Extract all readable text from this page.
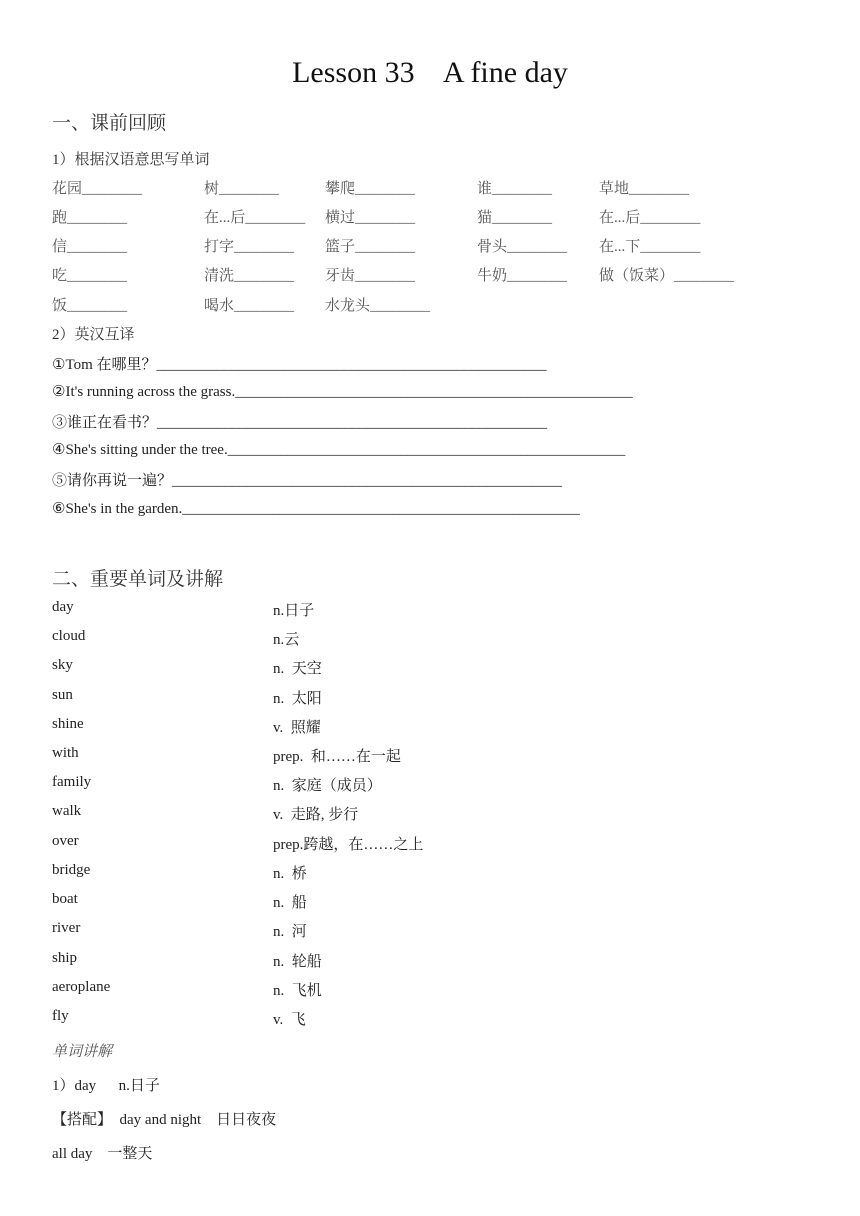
Lesson 33    A fine day
一、课前回顾
1）根据汉语意思写单词
花园________	树________	攀爬________	谁________	草地________
跑________	在...后________ 横过________	猫________	在...后________
信________	打字________ 篮子________	骨头________ 在...下________
吃________	清洗________ 牙齿________	牛奶________ 做（饭菜）________
饭________	喝水________ 水龙头________
2）英汉互译
①Tom 在哪里？____________________________________________________
②It's running across the grass._____________________________________________________
③谁正在看书？____________________________________________________
④She's sitting under the tree._____________________________________________________
⑤请你再说一遍？____________________________________________________
⑥She's in the garden._____________________________________________________
二、重要单词及讲解
day	n.日子
cloud	n.云
sky	n.  天空
sun	n.  太阳
shine	v.  照耀
with	prep.  和……在一起
family	n.  家庭（成员）
walk	v.  走路, 步行
over	prep.跨越，在……之上
bridge	n.  桥
boat	n.  船
river	n.  河
ship	n.  轮船
aeroplane	n.  飞机
fly	v.  飞
单词讲解
1）day      n.日子
【搭配】  day and night    日日夜夜
all day    一整天
